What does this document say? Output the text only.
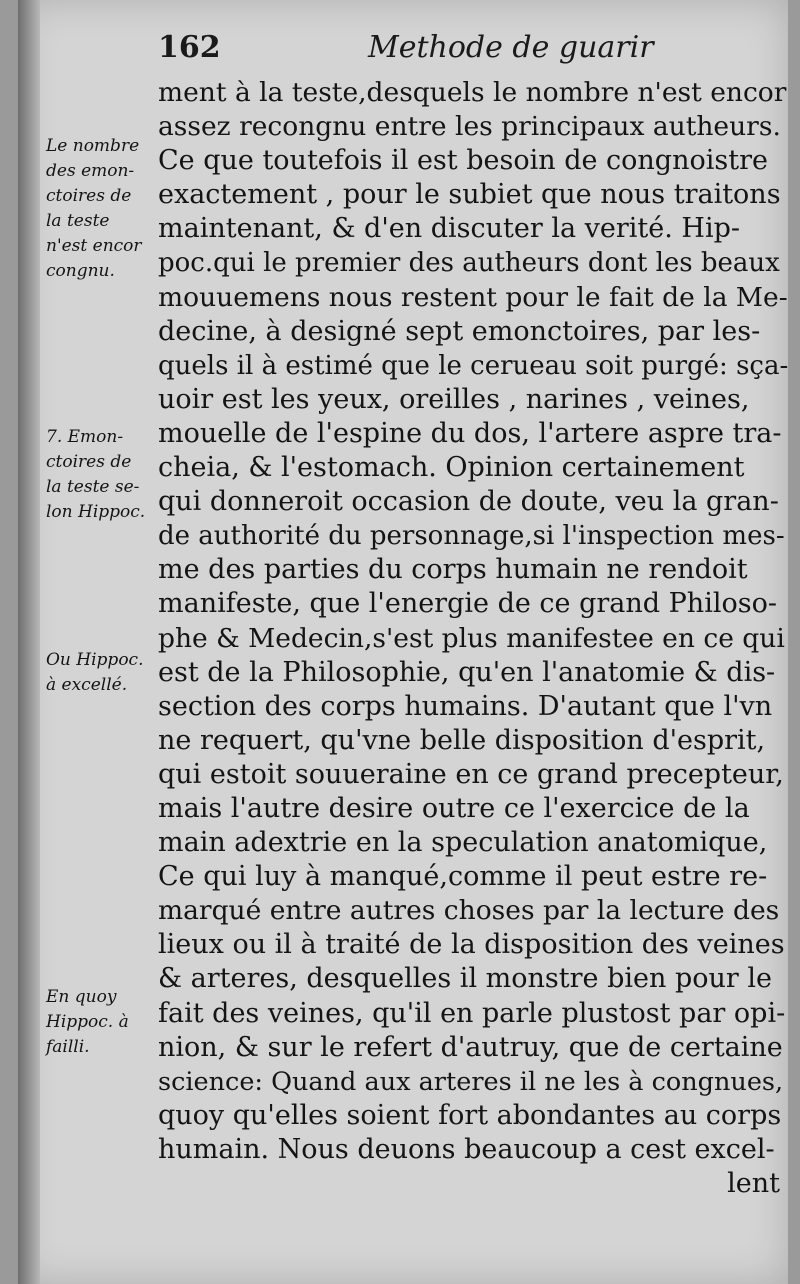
162	Methode de guarir
Le nombre
des emon-
ctoires de
la teste
n'est encor
congnu.
7. Emon-
ctoires de
la teste se-
lon Hippoc.
Ou Hippoc.
à excellé.
En quoy
Hippoc. à
failli.
ment à la teste,desquels le nombre n'est encor
assez recongnu entre les principaux autheurs.
Ce que toutefois il est besoin de congnoistre
exactement , pour le subiet que nous traitons
maintenant, & d'en discuter la verité. Hip-
poc.qui le premier des autheurs dont les beaux
mouuemens nous restent pour le fait de la Me-
decine, à designé sept emonctoires, par les-
quels il à estimé que le cerueau soit purgé: sça-
uoir est les yeux, oreilles , narines , veines,
mouelle de l'espine du dos, l'artere aspre tra-
cheia, & l'estomach. Opinion certainement
qui donneroit occasion de doute, veu la gran-
de authorité du personnage,si l'inspection mes-
me des parties du corps humain ne rendoit
manifeste, que l'energie de ce grand Philoso-
phe & Medecin,s'est plus manifestee en ce qui
est de la Philosophie, qu'en l'anatomie & dis-
section des corps humains. D'autant que l'vn
ne requert, qu'vne belle disposition d'esprit,
qui estoit souueraine en ce grand precepteur,
mais l'autre desire outre ce l'exercice de la
main adextrie en la speculation anatomique,
Ce qui luy à manqué,comme il peut estre re-
marqué entre autres choses par la lecture des
lieux ou il à traité de la disposition des veines
& arteres, desquelles il monstre bien pour le
fait des veines, qu'il en parle plustost par opi-
nion, & sur le refert d'autruy, que de certaine
science: Quand aux arteres il ne les à congnues,
quoy qu'elles soient fort abondantes au corps
humain. Nous deuons beaucoup a cest excel-
lent
